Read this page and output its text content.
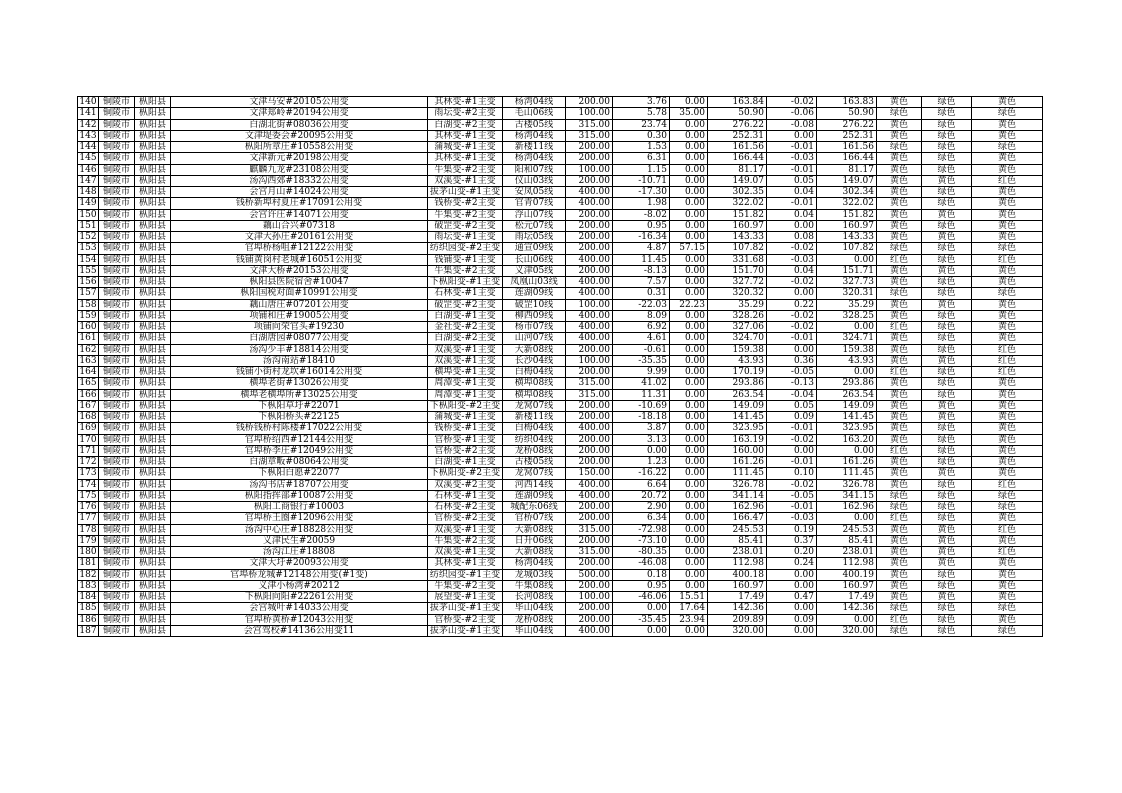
140	铜陵市	枞阳县	文津马安#20105公用变	其林变-#1主变	杨湾04线	200.00	3.76	0.00	163.84	-0.02	163.83	黄色	绿色	黄色
141	铜陵市	枞阳县	文津郑岭#20194公用变	雨坛变-#2主变	毛山06线	100.00	5.78	35.00	50.90	-0.06	50.90	绿色	绿色	绿色
142	铜陵市	枞阳县	白湖北街#08036公用变	白湖变-#2主变	古楼05线	315.00	23.74	0.00	276.22	-0.08	276.22	黄色	绿色	黄色
143	铜陵市	枞阳县	文津堤委会#20095公用变	其林变-#1主变	杨湾04线	315.00	0.30	0.00	252.31	0.00	252.31	黄色	绿色	黄色
144	铜陵市	枞阳县	枞阳所章庄#10558公用变	蒲城变-#1主变	新楼11线	200.00	1.53	0.00	161.56	-0.01	161.56	绿色	绿色	绿色
145	铜陵市	枞阳县	文津新元#20198公用变	其林变-#1主变	杨湾04线	200.00	6.31	0.00	166.44	-0.03	166.44	黄色	绿色	黄色
146	铜陵市	枞阳县	麒麟九龙#23108公用变	牛集变-#2主变	阳和07线	100.00	1.15	0.00	81.17	-0.01	81.17	黄色	绿色	黄色
147	铜陵市	枞阳县	汤沟西郊#18332公用变	双溪变-#1主变	仪山03线	200.00	-10.71	0.00	149.07	0.05	149.07	黄色	黄色	红色
148	铜陵市	枞阳县	会宫月山#14024公用变	拔茅山变-#1主变	安凤05线	400.00	-17.30	0.00	302.35	0.04	302.34	黄色	绿色	黄色
149	铜陵市	枞阳县	钱桥新埠村夏庄#17091公用变	钱桥变-#2主变	官青07线	400.00	1.98	0.00	322.02	-0.01	322.02	黄色	绿色	黄色
150	铜陵市	枞阳县	会宫许庄#14071公用变	牛集变-#2主变	浮山07线	200.00	-8.02	0.00	151.82	0.04	151.82	黄色	黄色	黄色
151	铜陵市	枞阳县	藕山合兴#07318	破罡变-#2主变	松元07线	200.00	0.95	0.00	160.97	0.00	160.97	黄色	绿色	黄色
152	铜陵市	枞阳县	文津大孙庄#20161公用变	雨坛变-#1主变	雨坛05线	200.00	-16.34	0.00	143.33	0.08	143.33	黄色	黄色	黄色
153	铜陵市	枞阳县	官埠桥杨咀#12122公用变	纺织园变-#2主变	通宣09线	200.00	4.87	57.15	107.82	-0.02	107.82	绿色	绿色	绿色
154	铜陵市	枞阳县	钱铺黄岗村老城#16051公用变	钱铺变-#1主变	长山06线	400.00	11.45	0.00	331.68	-0.03	0.00	红色	绿色	红色
155	铜陵市	枞阳县	文津大桥#20153公用变	牛集变-#2主变	义津05线	200.00	-8.13	0.00	151.70	0.04	151.71	黄色	黄色	黄色
156	铜陵市	枞阳县	枞阳县医院宿舍#10047	下枞阳变-#1主变	凤凰山03线	400.00	7.57	0.00	327.72	-0.02	327.73	黄色	绿色	黄色
157	铜陵市	枞阳县	枞阳国税对面#10991公用变	石林变-#1主变	莲湖09线	400.00	0.31	0.00	320.32	0.00	320.31	绿色	绿色	绿色
158	铜陵市	枞阳县	藕山唐庄#07201公用变	破罡变-#2主变	破罡10线	100.00	-22.03	22.23	35.29	0.22	35.29	黄色	黄色	黄色
159	铜陵市	枞阳县	项铺和庄#19005公用变	白湖变-#1主变	柳西09线	400.00	8.09	0.00	328.26	-0.02	328.25	黄色	绿色	黄色
160	铜陵市	枞阳县	项铺向荣官头#19230	金社变-#2主变	杨市07线	400.00	6.92	0.00	327.06	-0.02	0.00	红色	绿色	黄色
161	铜陵市	枞阳县	白湖唐园#08077公用变	白湖变-#2主变	山河07线	400.00	4.61	0.00	324.70	-0.01	324.71	黄色	绿色	黄色
162	铜陵市	枞阳县	汤沟少丰#18814公用变	双溪变-#1主变	大新08线	200.00	-0.61	0.00	159.38	0.00	159.38	黄色	绿色	红色
163	铜陵市	枞阳县	汤沟南站#18410	双溪变-#1主变	长沙04线	100.00	-35.35	0.00	43.93	0.36	43.93	黄色	黄色	红色
164	铜陵市	枞阳县	钱铺小街村龙坎#16014公用变	横埠变-#1主变	白梅04线	200.00	9.99	0.00	170.19	-0.05	0.00	红色	绿色	红色
165	铜陵市	枞阳县	横埠老街#13026公用变	周潭变-#1主变	横埠08线	315.00	41.02	0.00	293.86	-0.13	293.86	黄色	绿色	黄色
166	铜陵市	枞阳县	横埠老横埠所#13025公用变	周潭变-#1主变	横埠08线	315.00	11.31	0.00	263.54	-0.04	263.54	黄色	绿色	黄色
167	铜陵市	枞阳县	下枞阳草圩#22071	下枞阳变-#2主变	龙窝07线	200.00	-10.69	0.00	149.09	0.05	149.09	黄色	黄色	黄色
168	铜陵市	枞阳县	下枞阳桥头#22125	蒲城变-#1主变	新楼11线	200.00	-18.18	0.00	141.45	0.09	141.45	黄色	黄色	黄色
169	铜陵市	枞阳县	钱桥钱桥村陈楼#17022公用变	钱桥变-#1主变	白梅04线	400.00	3.87	0.00	323.95	-0.01	323.95	黄色	绿色	黄色
170	铜陵市	枞阳县	官埠桥绍西#12144公用变	官桥变-#1主变	纺织04线	200.00	3.13	0.00	163.19	-0.02	163.20	黄色	绿色	黄色
171	铜陵市	枞阳县	官埠桥李庄#12049公用变	官桥变-#2主变	龙桥08线	200.00	0.00	0.00	160.00	0.00	0.00	红色	绿色	黄色
172	铜陵市	枞阳县	白湖章畈#08064公用变	白湖变-#1主变	古楼05线	200.00	1.23	0.00	161.26	-0.01	161.26	黄色	绿色	黄色
173	铜陵市	枞阳县	下枞阳白愿#22077	下枞阳变-#2主变	龙窝07线	150.00	-16.22	0.00	111.45	0.10	111.45	黄色	黄色	黄色
174	铜陵市	枞阳县	汤沟书店#18707公用变	双溪变-#2主变	河西14线	400.00	6.64	0.00	326.78	-0.02	326.78	黄色	绿色	红色
175	铜陵市	枞阳县	枞阳指挥部#10087公用变	石林变-#1主变	莲湖09线	400.00	20.72	0.00	341.14	-0.05	341.15	绿色	绿色	绿色
176	铜陵市	枞阳县	枞阳工商银行#10003	石林变-#2主变	城配东06线	200.00	2.90	0.00	162.96	-0.01	162.96	绿色	绿色	绿色
177	铜陵市	枞阳县	官埠桥王圈#12096公用变	官桥变-#2主变	官桥07线	200.00	6.34	0.00	166.47	-0.03	0.00	红色	绿色	黄色
178	铜陵市	枞阳县	汤沟中心庄#18828公用变	双溪变-#1主变	大新08线	315.00	-72.98	0.00	245.53	0.19	245.53	黄色	黄色	红色
179	铜陵市	枞阳县	义津民生#20059	牛集变-#2主变	日升06线	200.00	-73.10	0.00	85.41	0.37	85.41	黄色	黄色	黄色
180	铜陵市	枞阳县	汤沟江庄#18808	双溪变-#1主变	大新08线	315.00	-80.35	0.00	238.01	0.20	238.01	黄色	黄色	红色
181	铜陵市	枞阳县	文津大圩#20093公用变	其林变-#1主变	杨湾04线	200.00	-46.08	0.00	112.98	0.24	112.98	黄色	黄色	黄色
182	铜陵市	枞阳县	官埠桥龙城#12148公用变(#1变)	纺织园变-#1主变	龙城03线	500.00	0.18	0.00	400.18	0.00	400.19	黄色	绿色	黄色
183	铜陵市	枞阳县	义津小杨湾#20212	牛集变-#2主变	牛集08线	200.00	0.95	0.00	160.97	0.00	160.97	黄色	绿色	黄色
184	铜陵市	枞阳县	下枞阳向阳#22261公用变	展望变-#1主变	长河08线	100.00	-46.06	15.51	17.49	0.47	17.49	黄色	黄色	黄色
185	铜陵市	枞阳县	会宫城叶#14033公用变	拔茅山变-#1主变	毕山04线	200.00	0.00	17.64	142.36	0.00	142.36	绿色	绿色	绿色
186	铜陵市	枞阳县	官埠桥黄桥#12043公用变	官桥变-#2主变	龙桥08线	200.00	-35.45	23.94	209.89	0.09	0.00	红色	绿色	黄色
187	铜陵市	枞阳县	会宫驾校#14136公用变11	拔茅山变-#1主变	毕山04线	400.00	0.00	0.00	320.00	0.00	320.00	绿色	绿色	绿色
